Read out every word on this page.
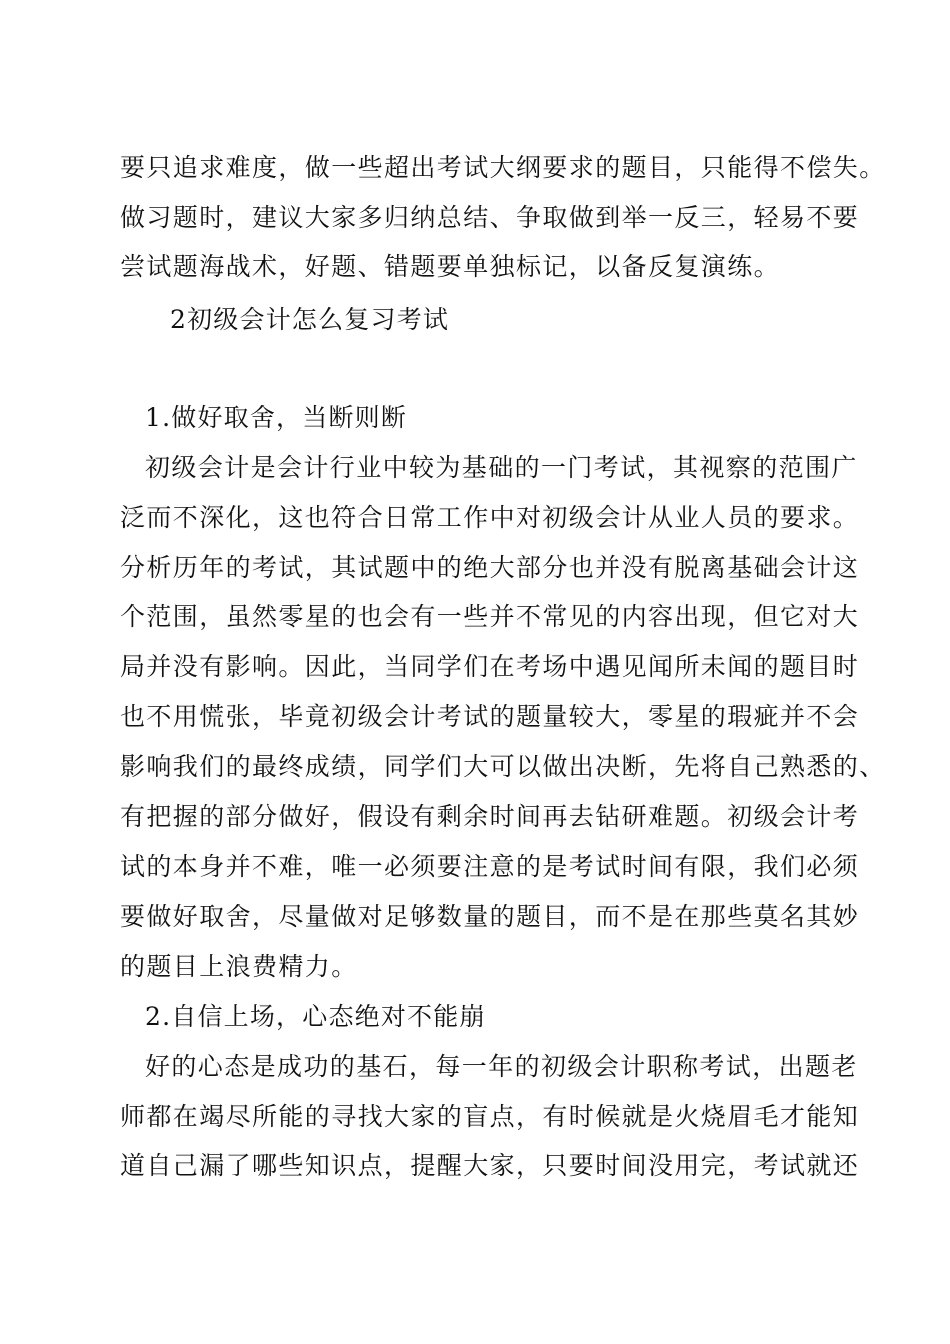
要只追求难度，做一些超出考试大纲要求的题目，只能得不偿失。
做习题时，建议大家多归纳总结、争取做到举一反三，轻易不要
尝试题海战术，好题、错题要单独标记，以备反复演练。
2初级会计怎么复习考试
1.做好取舍，当断则断
初级会计是会计行业中较为基础的一门考试，其视察的范围广
泛而不深化，这也符合日常工作中对初级会计从业人员的要求。
分析历年的考试，其试题中的绝大部分也并没有脱离基础会计这
个范围，虽然零星的也会有一些并不常见的内容出现，但它对大
局并没有影响。因此，当同学们在考场中遇见闻所未闻的题目时
也不用慌张，毕竟初级会计考试的题量较大，零星的瑕疵并不会
影响我们的最终成绩，同学们大可以做出决断，先将自己熟悉的、
有把握的部分做好，假设有剩余时间再去钻研难题。初级会计考
试的本身并不难，唯一必须要注意的是考试时间有限，我们必须
要做好取舍，尽量做对足够数量的题目，而不是在那些莫名其妙
的题目上浪费精力。
2.自信上场，心态绝对不能崩
好的心态是成功的基石，每一年的初级会计职称考试，出题老
师都在竭尽所能的寻找大家的盲点，有时候就是火烧眉毛才能知
道自己漏了哪些知识点，提醒大家，只要时间没用完，考试就还
